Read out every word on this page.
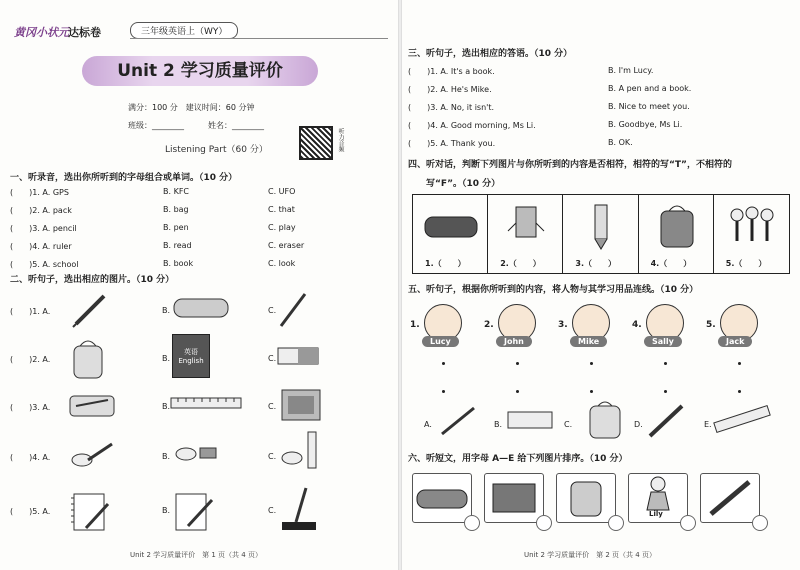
黄冈小状元 达标卷	三年级英语上（WY）
Unit 2 学习质量评价
满分：100 分　建议时间：60 分钟
班级：________	姓名：________
听力音频
Listening Part（60 分）
一、听录音，选出你所听到的字母组合或单词。（10 分）
(　　)1. A. GPS	B. KFC	C. UFO
(　　)2. A. pack	B. bag	C. that
(　　)3. A. pencil	B. pen	C. play
(　　)4. A. ruler	B. read	C. eraser
(　　)5. A. school	B. book	C. look
二、听句子，选出相应的图片。（10 分）
(　　)1. A.	B.	C.
(　　)2. A.	B.	C.
(　　)3. A.	B.	C.
(　　)4. A.	B.	C.
(　　)5. A.	B.	C.
英语 English
Unit 2 学习质量评价　第 1 页（共 4 页）
三、听句子，选出相应的答语。（10 分）
(　　)1. A. It's a book.	B. I'm Lucy.
(　　)2. A. He's Mike.	B. A pen and a book.
(　　)3. A. No, it isn't.	B. Nice to meet you.
(　　)4. A. Good morning, Ms Li.	B. Goodbye, Ms Li.
(　　)5. A. Thank you.	B. OK.
四、听对话，判断下列图片与你所听到的内容是否相符，相符的写“T”，不相符的
写“F”。（10 分）
1.（　　）	2.（　　）	3.（　　）	4.（　　）	5.（　　）
五、听句子，根据你所听到的内容，将人物与其学习用品连线。（10 分）
1.
Lucy
2.
John
3.
Mike
4.
Sally
5.
Jack
A.	B.	C.	D.	E.
六、听短文，用字母 A—E 给下列图片排序。（10 分）
Lily
Unit 2 学习质量评价　第 2 页（共 4 页）
